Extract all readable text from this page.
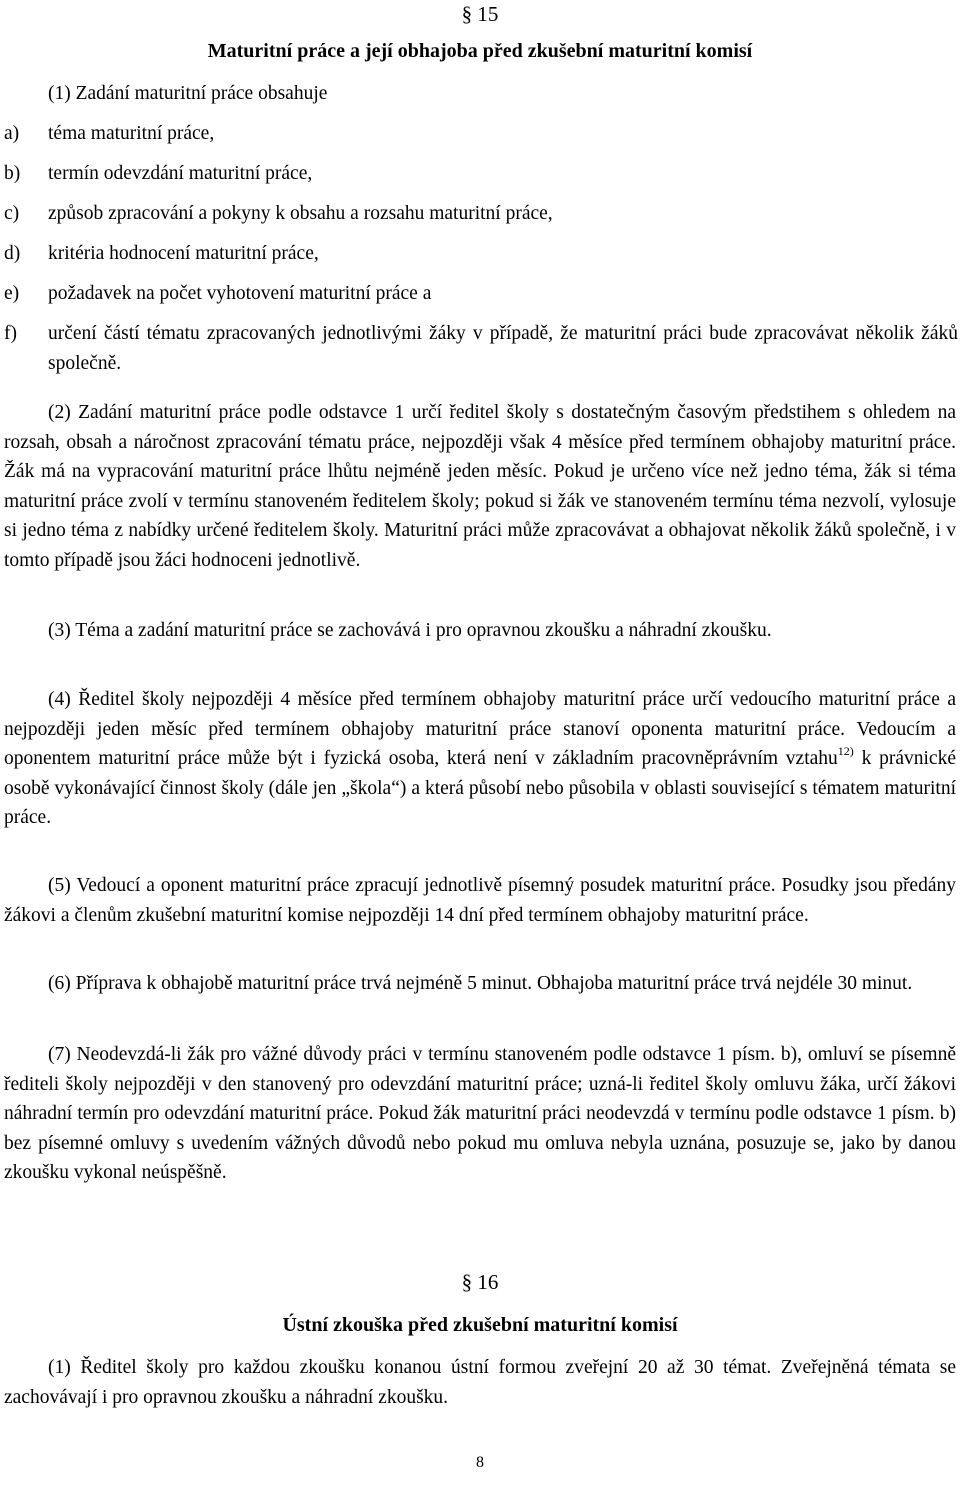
§ 15
Maturitní práce a její obhajoba před zkušební maturitní komisí
(1) Zadání maturitní práce obsahuje
a)	téma maturitní práce,
b)	termín odevzdání maturitní práce,
c)	způsob zpracování a pokyny k obsahu a rozsahu maturitní práce,
d)	kritéria hodnocení maturitní práce,
e)	požadavek na počet vyhotovení maturitní práce a
f)	určení částí tématu zpracovaných jednotlivými žáky v případě, že maturitní práci bude zpracovávat několik žáků společně.

(2) Zadání maturitní práce podle odstavce 1 určí ředitel školy s dostatečným časovým předstihem s ohledem na rozsah, obsah a náročnost zpracování tématu práce, nejpozději však 4 měsíce před termínem obhajoby maturitní práce. Žák má na vypracování maturitní práce lhůtu nejméně jeden měsíc. Pokud je určeno více než jedno téma, žák si téma maturitní práce zvolí v termínu stanoveném ředitelem školy; pokud si žák ve stanoveném termínu téma nezvolí, vylosuje si jedno téma z nabídky určené ředitelem školy. Maturitní práci může zpracovávat a obhajovat několik žáků společně, i v tomto případě jsou žáci hodnoceni jednotlivě.

(3) Téma a zadání maturitní práce se zachovává i pro opravnou zkoušku a náhradní zkoušku.

(4) Ředitel školy nejpozději 4 měsíce před termínem obhajoby maturitní práce určí vedoucího maturitní práce a nejpozději jeden měsíc před termínem obhajoby maturitní práce stanoví oponenta maturitní práce. Vedoucím a oponentem maturitní práce může být i fyzická osoba, která není v základním pracovněprávním vztahu$^{12)}$ k právnické osobě vykonávající činnost školy (dále jen „škola“) a která působí nebo působila v oblasti související s tématem maturitní práce.

(5) Vedoucí a oponent maturitní práce zpracují jednotlivě písemný posudek maturitní práce. Posudky jsou předány žákovi a členům zkušební maturitní komise nejpozději 14 dní před termínem obhajoby maturitní práce.

(6) Příprava k obhajobě maturitní práce trvá nejméně 5 minut. Obhajoba maturitní práce trvá nejdéle 30 minut.

(7) Neodevzdá-li žák pro vážné důvody práci v termínu stanoveném podle odstavce 1 písm. b), omluví se písemně řediteli školy nejpozději v den stanovený pro odevzdání maturitní práce; uzná-li ředitel školy omluvu žáka, určí žákovi náhradní termín pro odevzdání maturitní práce. Pokud žák maturitní práci neodevzdá v termínu podle odstavce 1 písm. b) bez písemné omluvy s uvedením vážných důvodů nebo pokud mu omluva nebyla uznána, posuzuje se, jako by danou zkoušku vykonal neúspěšně.

§ 16
Ústní zkouška před zkušební maturitní komisí

(1) Ředitel školy pro každou zkoušku konanou ústní formou zveřejní 20 až 30 témat. Zveřejněná témata se zachovávají i pro opravnou zkoušku a náhradní zkoušku.

8
